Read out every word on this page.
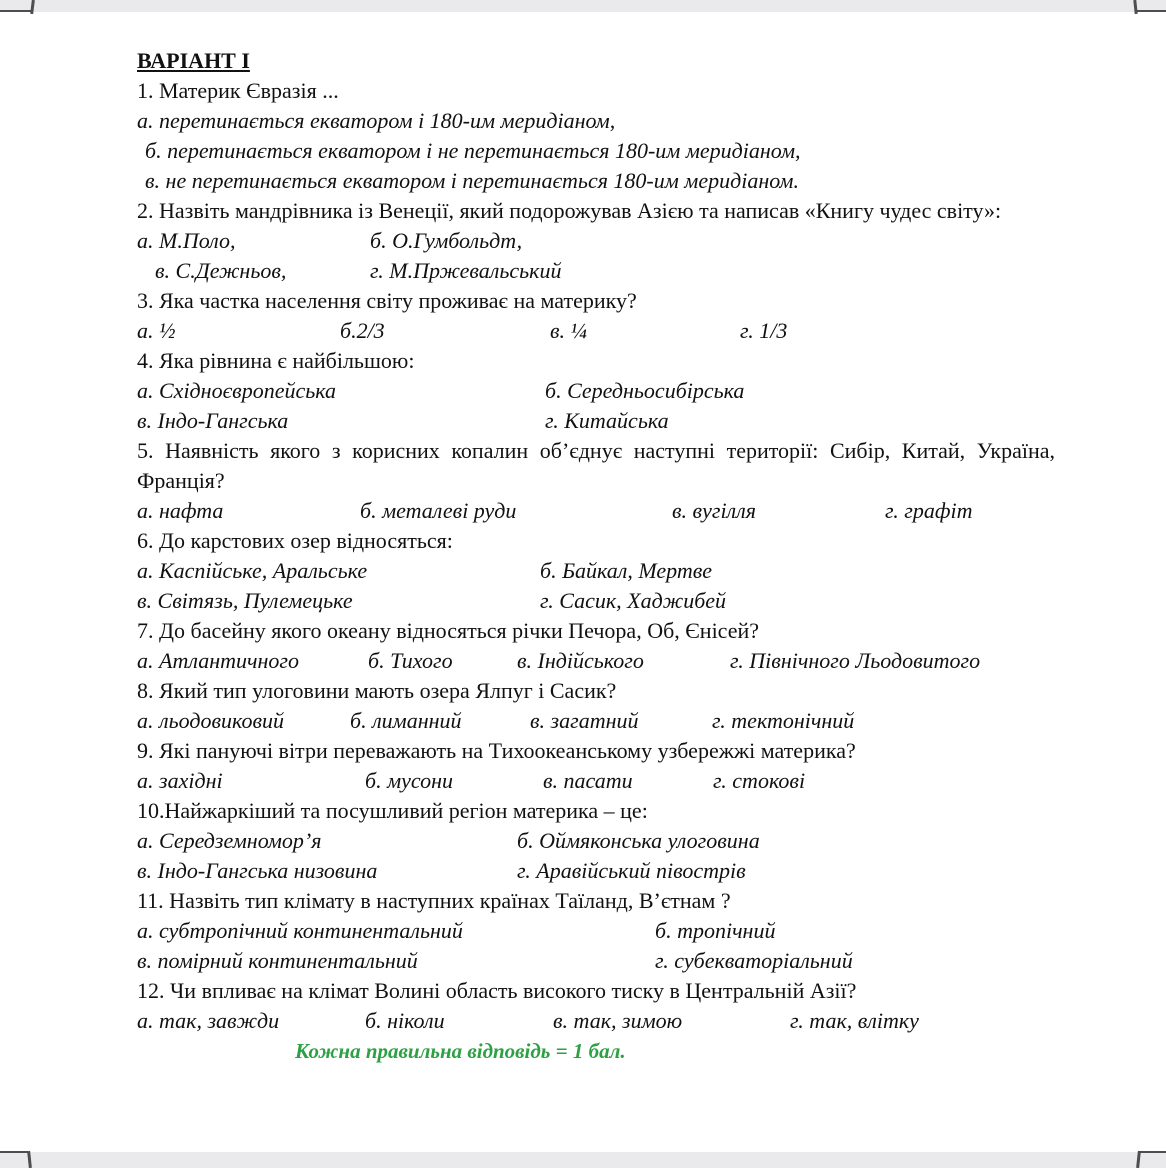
ВАРІАНТ І

1. Материк Євразія ...

а. перетинається екватором і 180-им меридіаном,
б. перетинається екватором і не перетинається 180-им меридіаном,
в. не перетинається екватором і перетинається 180-им меридіаном.

2. Назвіть мандрівника із Венеції, який подорожував Азією та написав «Книгу чудес світу»:

а. М.Поло,	б. О.Гумбольдт,
в. С.Дежньов,	г. М.Пржевальський

3. Яка частка населення світу проживає на материку?

а. ½	б.2/3	в. ¼	г. 1/3

4. Яка рівнина є найбільшою:

а. Східноєвропейська	б. Середньосибірська
в. Індо-Гангська	г. Китайська

5. Наявність якого з корисних копалин об’єднує наступні території: Сибір, Китай, Україна, Франція?

а. нафта	б. металеві руди	в. вугілля	г. графіт

6. До карстових озер відносяться:

а. Каспійське, Аральське	б. Байкал, Мертве
в. Світязь, Пулемецьке	г. Сасик, Хаджибей

7. До басейну якого океану відносяться річки Печора, Об, Єнісей?

а. Атлантичного	б. Тихого	в. Індійського	г. Північного Льодовитого

8. Який тип улоговини мають озера Ялпуг і Сасик?

а. льодовиковий	б. лиманний	в. загатний	г. тектонічний

9. Які пануючі вітри переважають на Тихоокеанському узбережжі материка?

а. західні	б. мусони	в. пасати	г. стокові

10.Найжаркіший та посушливий регіон материка – це:

а. Середземномор’я	б. Оймяконська улоговина
в. Індо-Гангська низовина	г. Аравійський півострів

11. Назвіть тип клімату в наступних країнах Таїланд, В’єтнам ?

а. субтропічний континентальний	б. тропічний
в. помірний континентальний	г. субекваторіальний

12. Чи впливає на клімат Волині область високого тиску в Центральній Азії?

а. так, завжди	б. ніколи	в. так, зимою	г. так, влітку

Кожна правильна відповідь = 1 бал.
